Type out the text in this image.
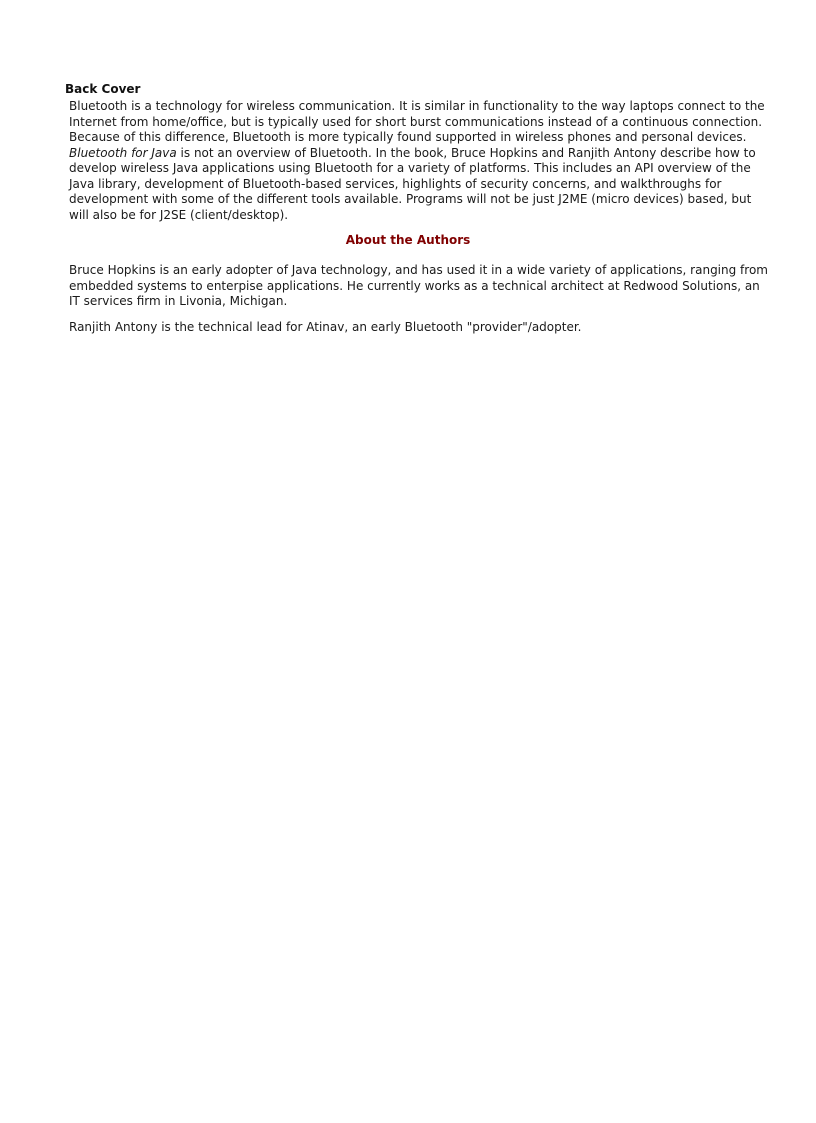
Back Cover

Bluetooth is a technology for wireless communication. It is similar in functionality to the way laptops connect to the Internet from home/office, but is typically used for short burst communications instead of a continuous connection. Because of this difference, Bluetooth is more typically found supported in wireless phones and personal devices. Bluetooth for Java is not an overview of Bluetooth. In the book, Bruce Hopkins and Ranjith Antony describe how to develop wireless Java applications using Bluetooth for a variety of platforms. This includes an API overview of the Java library, development of Bluetooth-based services, highlights of security concerns, and walkthroughs for development with some of the different tools available. Programs will not be just J2ME (micro devices) based, but will also be for J2SE (client/desktop).

About the Authors

Bruce Hopkins is an early adopter of Java technology, and has used it in a wide variety of applications, ranging from embedded systems to enterpise applications. He currently works as a technical architect at Redwood Solutions, an IT services firm in Livonia, Michigan.

Ranjith Antony is the technical lead for Atinav, an early Bluetooth "provider"/adopter.
